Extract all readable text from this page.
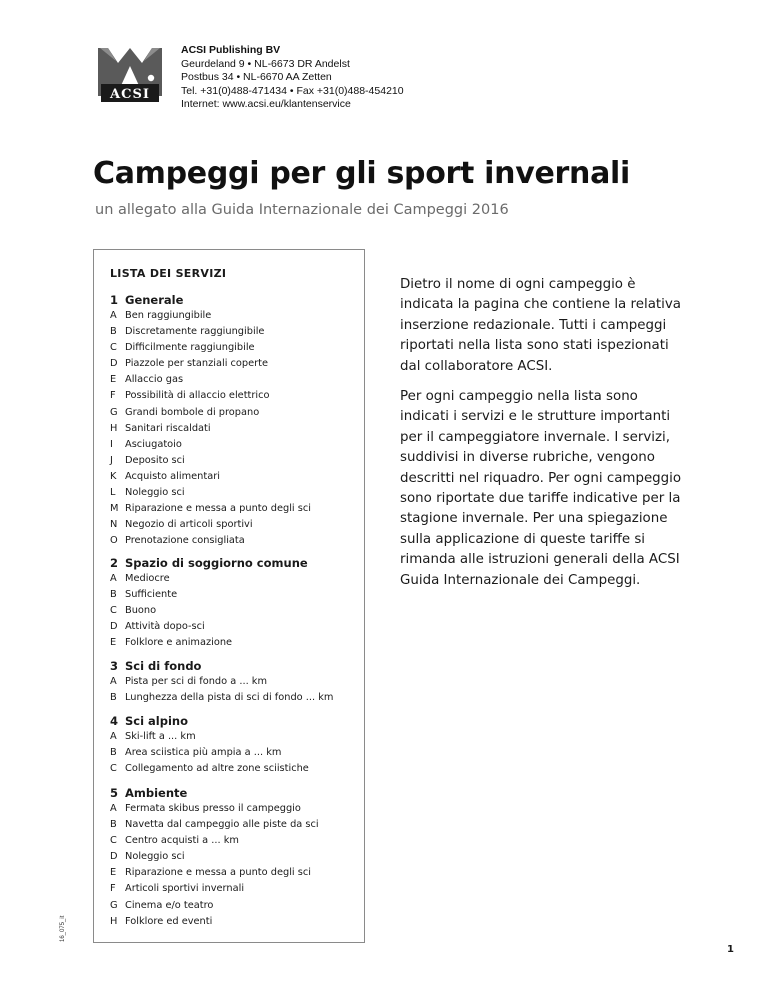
ACSI
ACSI Publishing BV
Geurdeland 9 • NL-6673 DR Andelst
Postbus 34 • NL-6670 AA Zetten
Tel. +31(0)488-471434 • Fax +31(0)488-454210
Internet: www.acsi.eu/klantenservice
Campeggi per gli sport invernali

un allegato alla Guida Internazionale dei Campeggi 2016

LISTA DEI SERVIZI
1 Generale
A Ben raggiungibile
B Discretamente raggiungibile
C Difficilmente raggiungibile
D Piazzole per stanziali coperte
E Allaccio gas
F Possibilità di allaccio elettrico
G Grandi bombole di propano
H Sanitari riscaldati
I	Asciugatoio
J	Deposito sci
K Acquisto alimentari
L Noleggio sci
M Riparazione e messa a punto degli sci
N Negozio di articoli sportivi
O Prenotazione consigliata
2 Spazio di soggiorno comune
A Mediocre
B Sufficiente
C Buono
D Attività dopo-sci
E Folklore e animazione
3 Sci di fondo
A Pista per sci di fondo a ... km
B Lunghezza della pista di sci di fondo ... km
4 Sci alpino
A Ski-lift a ... km
B Area sciistica più ampia a ... km
C Collegamento ad altre zone sciistiche
5 Ambiente
A Fermata skibus presso il campeggio
B Navetta dal campeggio alle piste da sci
C Centro acquisti a ... km
D Noleggio sci
E Riparazione e messa a punto degli sci
F Articoli sportivi invernali
G Cinema e/o teatro
H Folklore ed eventi

Dietro il nome di ogni campeggio è indicata la pagina che contiene la relativa inserzione redazionale. Tutti i campeggi riportati nella lista sono stati ispezionati dal collaboratore ACSI.

Per ogni campeggio nella lista sono indicati i servizi e le strutture importanti per il campeggiatore invernale. I servizi, suddivisi in diverse rubriche, vengono descritti nel riquadro. Per ogni campeggio sono riportate due tariffe indicative per la stagione invernale. Per una spiegazione sulla applicazione di queste tariffe si rimanda alle istruzioni generali della ACSI Guida Internazionale dei Campeggi.

16_075_it
1
